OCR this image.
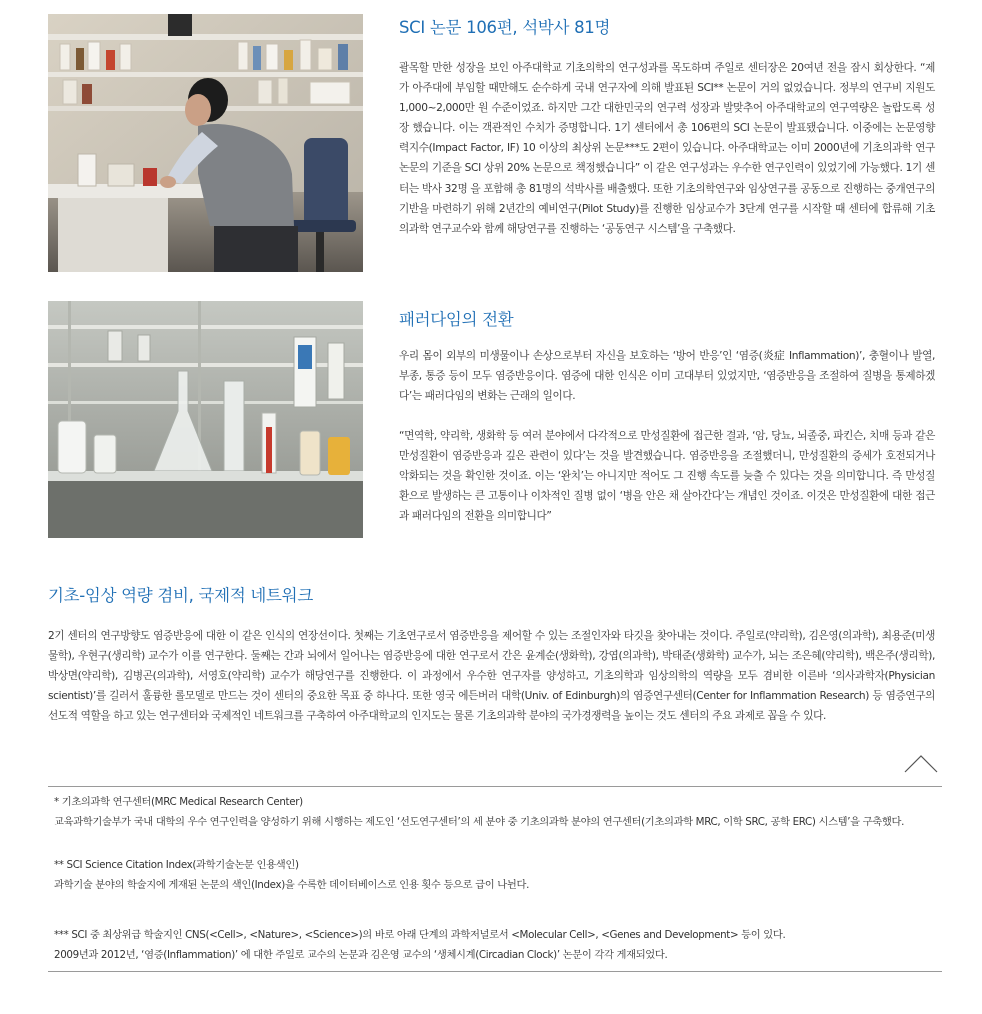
SCI 논문 106편, 석박사 81명

괄목할 만한 성장을 보인 아주대학교 기초의학의 연구성과를 목도하며 주일로 센터장은 20여년 전을 잠시 회상한다. “제가 아주대에 부임할 때만해도 순수하게 국내 연구자에 의해 발표된 SCI** 논문이 거의 없었습니다. 정부의 연구비 지원도 1,000~2,000만 원 수준이었죠. 하지만 그간 대한민국의 연구력 성장과 발맞추어 아주대학교의 연구역량은 놀랍도록 성장 했습니다. 이는 객관적인 수치가 증명합니다. 1기 센터에서 총 106편의 SCI 논문이 발표됐습니다. 이중에는 논문영향력지수(Impact Factor, IF) 10 이상의 최상위 논문***도 2편이 있습니다. 아주대학교는 이미 2000년에 기초의과학 연구논문의 기준을 SCI 상위 20% 논문으로 책정했습니다” 이 같은 연구성과는 우수한 연구인력이 있었기에 가능했다. 1기 센터는 박사 32명 을 포함해 총 81명의 석박사를 배출했다. 또한 기초의학연구와 임상연구를 공동으로 진행하는 중개연구의 기반을 마련하기 위해 2년간의 예비연구(Pilot Study)를 진행한 임상교수가 3단계 연구를 시작할 때 센터에 합류해 기초의과학 연구교수와 함께 해당연구를 진행하는 ‘공동연구 시스템’을 구축했다.

패러다임의 전환

우리 몸이 외부의 미생물이나 손상으로부터 자신을 보호하는 ‘방어 반응’인 ‘염증(炎症 Inflammation)’, 충혈이나 발열, 부종, 통증 등이 모두 염증반응이다. 염증에 대한 인식은 이미 고대부터 있었지만, ‘염증반응을 조절하여 질병을 통제하겠다’는 패러다임의 변화는 근래의 일이다.

“면역학, 약리학, 생화학 등 여러 분야에서 다각적으로 만성질환에 접근한 결과, ‘암, 당뇨, 뇌졸중, 파킨슨, 치매 등과 같은 만성질환이 염증반응과 깊은 관련이 있다’는 것을 발견했습니다. 염증반응을 조절했더니, 만성질환의 증세가 호전되거나 악화되는 것을 확인한 것이죠. 이는 ‘완치’는 아니지만 적어도 그 진행 속도를 늦출 수 있다는 것을 의미합니다. 즉 만성질환으로 발생하는 큰 고통이나 이차적인 질병 없이 ‘병을 안은 채 살아간다’는 개념인 것이죠. 이것은 만성질환에 대한 접근과 패러다임의 전환을 의미합니다”

기초-임상 역량 겸비, 국제적 네트워크

2기 센터의 연구방향도 염증반응에 대한 이 같은 인식의 연장선이다. 첫째는 기초연구로서 염증반응을 제어할 수 있는 조절인자와 타깃을 찾아내는 것이다. 주일로(약리학), 김은영(의과학), 최용준(미생물학), 우현구(생리학) 교수가 이를 연구한다. 둘째는 간과 뇌에서 일어나는 염증반응에 대한 연구로서 간은 윤계순(생화학), 강엽(의과학), 박태준(생화학) 교수가, 뇌는 조은혜(약리학), 백은주(생리학), 박상면(약리학), 김병곤(의과학), 서영호(약리학) 교수가 해당연구를 진행한다. 이 과정에서 우수한 연구자를 양성하고, 기초의학과 임상의학의 역량을 모두 겸비한 이른바 ‘의사과학자(Physician scientist)’를 길러서 훌륭한 롤모델로 만드는 것이 센터의 중요한 목표 중 하나다. 또한 영국 에든버러 대학(Univ. of Edinburgh)의 염증연구센터(Center for Inflammation Research) 등 염증연구의 선도적 역할을 하고 있는 연구센터와 국제적인 네트워크를 구축하여 아주대학교의 인지도는 물론 기초의과학 분야의 국가경쟁력을 높이는 것도 센터의 주요 과제로 꼽을 수 있다.

* 기초의과학 연구센터(MRC Medical Research Center)

교육과학기술부가 국내 대학의 우수 연구인력을 양성하기 위해 시행하는 제도인 ‘선도연구센터’의 세 분야 중 기초의과학 분야의 연구센터(기초의과학 MRC, 이학 SRC, 공학 ERC) 시스템’을 구축했다.

** SCI Science Citation Index(과학기술논문 인용색인)

과학기술 분야의 학술지에 게재된 논문의 색인(Index)을 수록한 데이터베이스로 인용 횟수 등으로 급이 나뉜다.

*** SCI 중 최상위급 학술지인 CNS(<Cell>, <Nature>, <Science>)의 바로 아래 단계의 과학저널로서 <Molecular Cell>, <Genes and Development> 등이 있다.

2009년과 2012년, ‘염증(Inflammation)’ 에 대한 주일로 교수의 논문과 김은영 교수의 ‘생체시계(Circadian Clock)’ 논문이 각각 게재되었다.
